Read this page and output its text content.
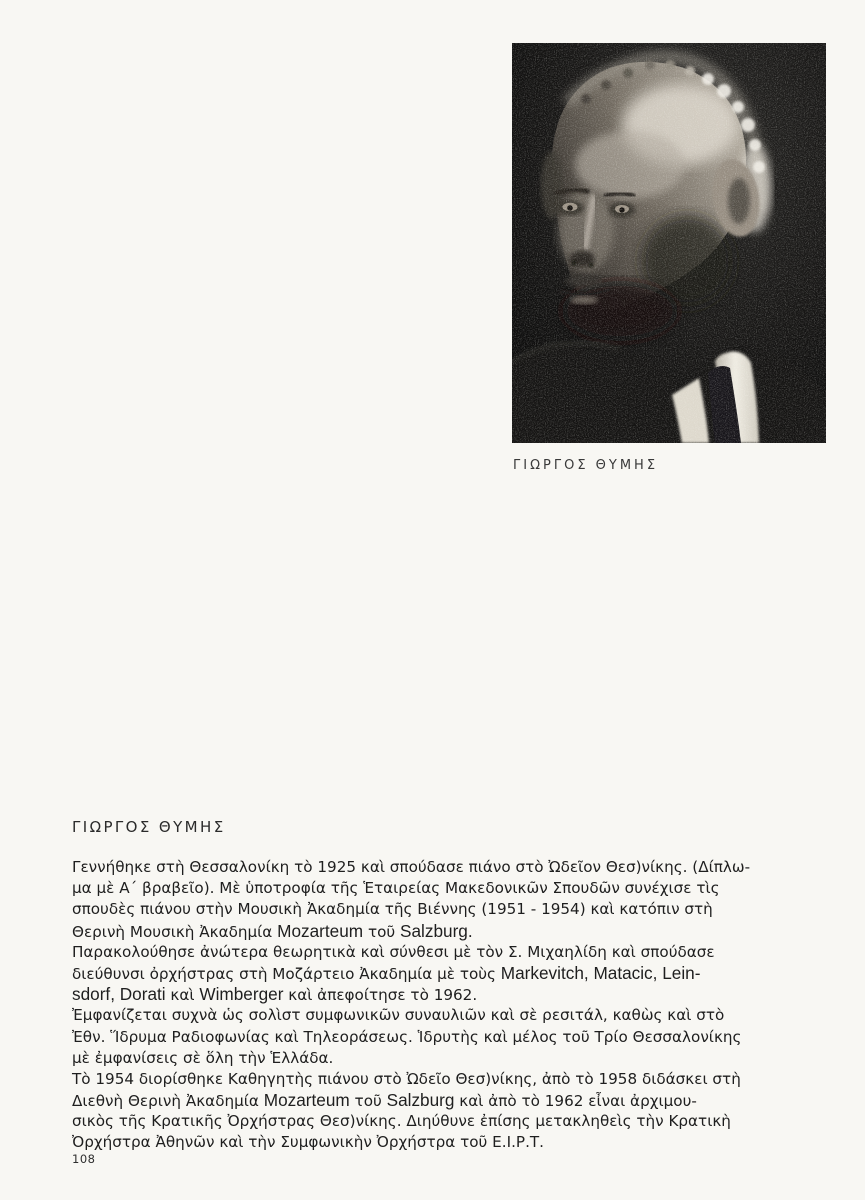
ΓΙΩΡΓΟΣ ΘΥΜΗΣ
ΓΙΩΡΓΟΣ ΘΥΜΗΣ
Γεννήθηκε στὴ Θεσσαλονίκη τὸ 1925 καὶ σπούδασε πιάνο στὸ Ὠδεῖον Θεσ)νίκης. (Δίπλω-
μα μὲ Α΄ βραβεῖο). Μὲ ὑποτροφία τῆς Ἑταιρείας Μακεδονικῶν Σπουδῶν συνέχισε τὶς
σπουδὲς πιάνου στὴν Μουσικὴ Ἀκαδημία τῆς Βιέννης (1951 - 1954) καὶ κατόπιν στὴ
Θερινὴ Μουσικὴ Ἀκαδημία Mozarteum τοῦ Salzburg.
Παρακολούθησε ἀνώτερα θεωρητικὰ καὶ σύνθεσι μὲ τὸν Σ. Μιχαηλίδη καὶ σπούδασε
διεύθυνσι ὀρχήστρας στὴ Μοζάρτειο Ἀκαδημία μὲ τοὺς Markevitch, Matacic, Lein-
sdorf, Dorati καὶ Wimberger καὶ ἀπεφοίτησε τὸ 1962.
Ἐμφανίζεται συχνὰ ὡς σολὶστ συμφωνικῶν συναυλιῶν καὶ σὲ ρεσιτάλ, καθὼς καὶ στὸ
Ἐθν. Ἵδρυμα Ραδιοφωνίας καὶ Τηλεοράσεως. Ἱδρυτὴς καὶ μέλος τοῦ Τρίο Θεσσαλονίκης
μὲ ἐμφανίσεις σὲ ὅλη τὴν Ἑλλάδα.
Τὸ 1954 διορίσθηκε Καθηγητὴς πιάνου στὸ Ὠδεῖο Θεσ)νίκης, ἀπὸ τὸ 1958 διδάσκει στὴ
Διεθνὴ Θερινὴ Ἀκαδημία Mozarteum τοῦ Salzburg καὶ ἀπὸ τὸ 1962 εἶναι ἀρχιμου-
σικὸς τῆς Κρατικῆς Ὀρχήστρας Θεσ)νίκης. Διηύθυνε ἐπίσης μετακληθεὶς τὴν Κρατικὴ
Ὀρχήστρα Ἀθηνῶν καὶ τὴν Συμφωνικὴν Ὀρχήστρα τοῦ Ε.Ι.Ρ.Τ.
108
